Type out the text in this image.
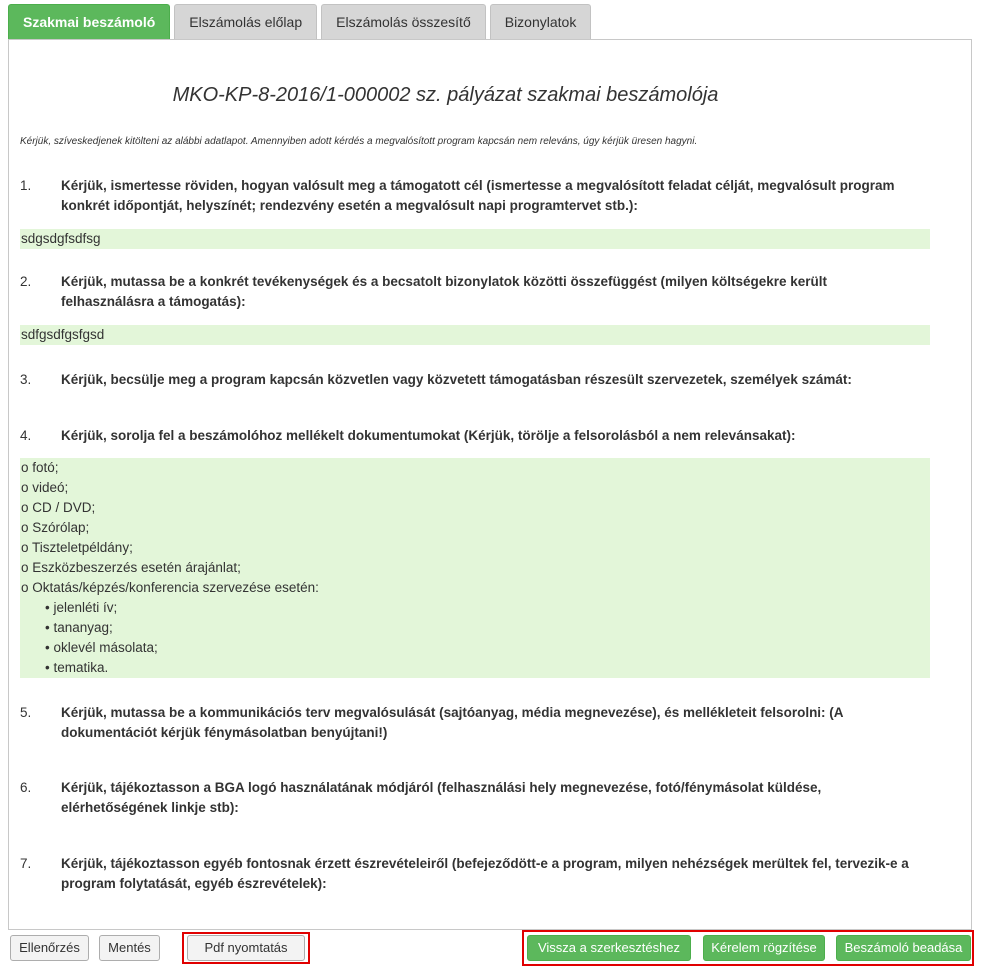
Szakmai beszámoló	Elszámolás előlap	Elszámolás összesítő	Bizonylatok
MKO-KP-8-2016/1-000002 sz. pályázat szakmai beszámolója
Kérjük, szíveskedjenek kitölteni az alábbi adatlapot. Amennyiben adott kérdés a megvalósított program kapcsán nem releváns, úgy kérjük üresen hagyni.
1. Kérjük, ismertesse röviden, hogyan valósult meg a támogatott cél (ismertesse a megvalósított feladat célját, megvalósult program konkrét időpontját, helyszínét; rendezvény esetén a megvalósult napi programtervet stb.):
sdgsdgfsdfsg
2. Kérjük, mutassa be a konkrét tevékenységek és a becsatolt bizonylatok közötti összefüggést (milyen költségekre került felhasználásra a támogatás):
sdfgsdfgsfgsd
3. Kérjük, becsülje meg a program kapcsán közvetlen vagy közvetett támogatásban részesült szervezetek, személyek számát:
4. Kérjük, sorolja fel a beszámolóhoz mellékelt dokumentumokat (Kérjük, törölje a felsorolásból a nem relevánsakat):
o fotó;
o videó;
o CD / DVD;
o Szórólap;
o Tiszteletpéldány;
o Eszközbeszerzés esetén árajánlat;
o Oktatás/képzés/konferencia szervezése esetén:
• jelenléti ív;
• tananyag;
• oklevél másolata;
• tematika.
5. Kérjük, mutassa be a kommunikációs terv megvalósulását (sajtóanyag, média megnevezése), és mellékleteit felsorolni: (A dokumentációt kérjük fénymásolatban benyújtani!)
6. Kérjük, tájékoztasson a BGA logó használatának módjáról (felhasználási hely megnevezése, fotó/fénymásolat küldése, elérhetőségének linkje stb):
7. Kérjük, tájékoztasson egyéb fontosnak érzett észrevételeiről (befejeződött-e a program, milyen nehézségek merültek fel, tervezik-e a program folytatását, egyéb észrevételek):
Ellenőrzés	Mentés	Pdf nyomtatás	Vissza a szerkesztéshez	Kérelem rögzítése	Beszámoló beadása
